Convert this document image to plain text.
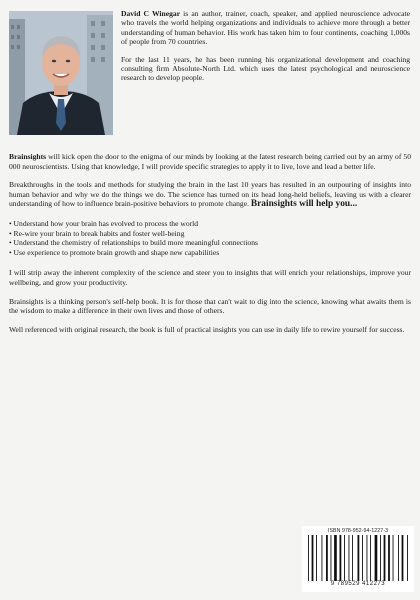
David C Winegar is an author, trainer, coach, speaker, and applied neuroscience advocate who travels the world helping organizations and individuals to achieve more through a better understanding of human behavior. His work has taken him to four continents, coaching 1,000s of people from 70 countries.

For the last 11 years, he has been running his organizational development and coaching consulting firm Absolute-North Ltd. which uses the latest psychological and neuroscience research to develop people.

Brainsights will kick open the door to the enigma of our minds by looking at the latest research being carried out by an army of 50 000 neuroscientists. Using that knowledge, I will provide specific strategies to apply it to live, love and lead a better life.

Breakthroughs in the tools and methods for studying the brain in the last 10 years has resulted in an outpouring of insights into human behavior and why we do the things we do. The science has turned on its head long-held beliefs, leaving us with a clearer understanding of how to influence brain-positive behaviors to promote change. Brainsights will help you...

• Understand how your brain has evolved to process the world
• Re-wire your brain to break habits and foster well-being
• Understand the chemistry of relationships to build more meaningful connections
• Use experience to promote brain growth and shape new capabilities

I will strip away the inherent complexity of the science and steer you to insights that will enrich your relationships, improve your wellbeing, and grow your productivity.

Brainsights is a thinking person's self-help book. It is for those that can't wait to dig into the science, knowing what awaits them is the wisdom to make a difference in their own lives and those of others.

Well referenced with original research, the book is full of practical insights you can use in daily life to rewire yourself for success.

ISBN 978-952-94-1227-3
9 789529 412273
